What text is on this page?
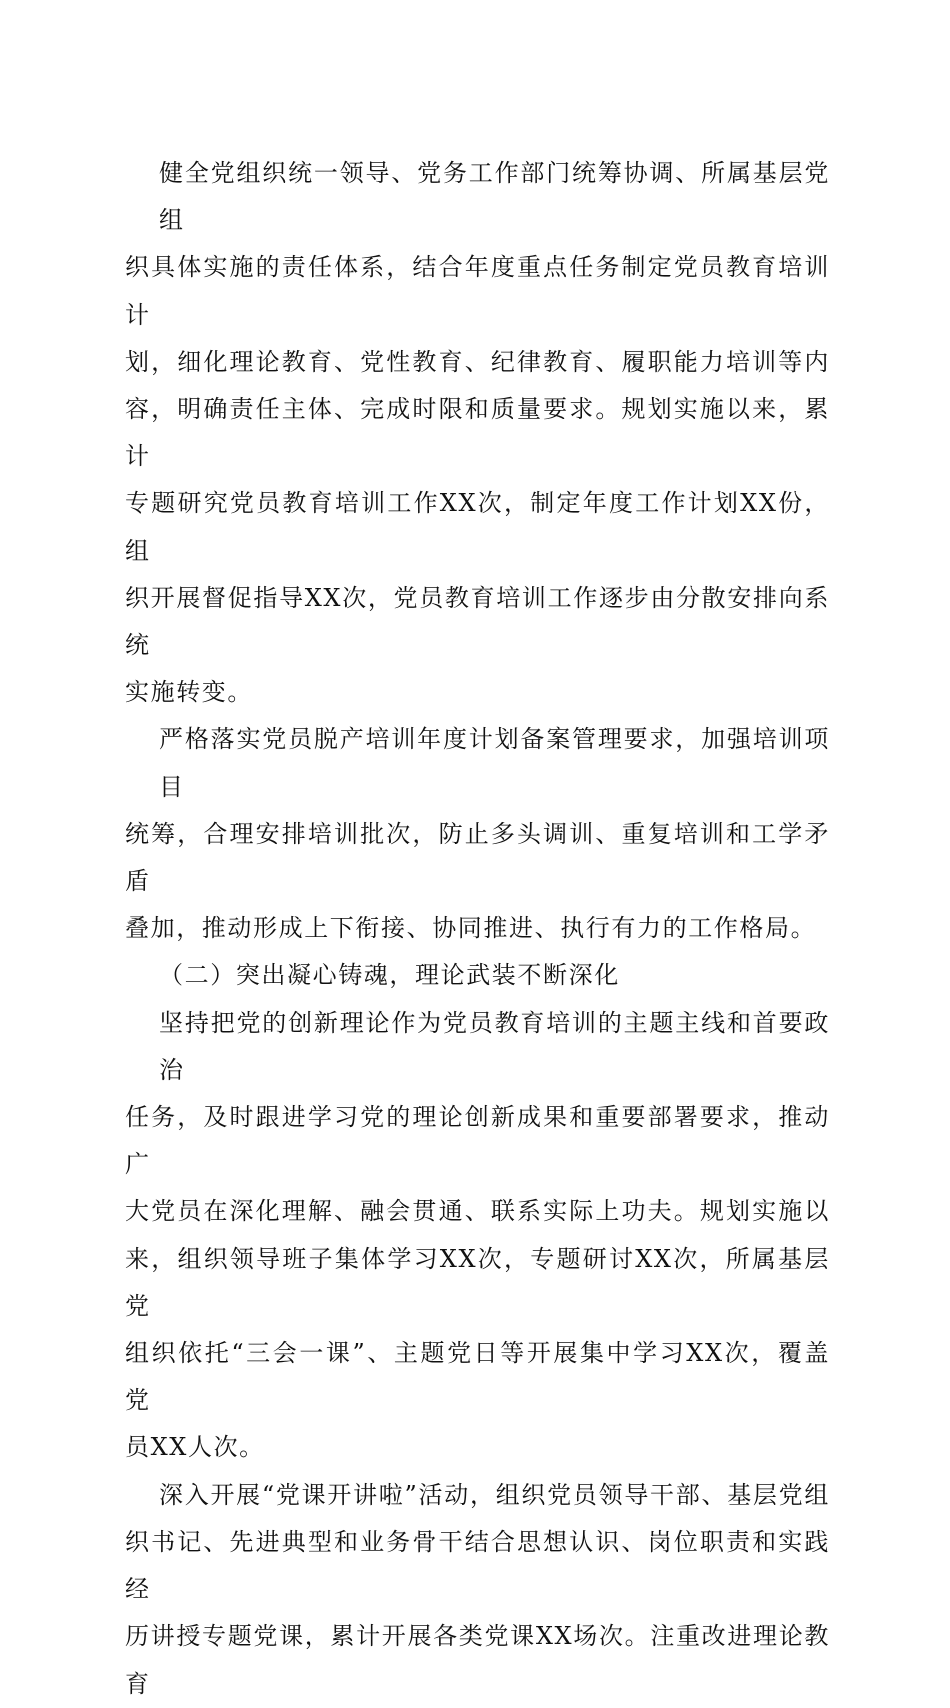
健全党组织统一领导、党务工作部门统筹协调、所属基层党组
织具体实施的责任体系，结合年度重点任务制定党员教育培训计
划，细化理论教育、党性教育、纪律教育、履职能力培训等内
容，明确责任主体、完成时限和质量要求。规划实施以来，累计
专题研究党员教育培训工作XX次，制定年度工作计划XX份，组
织开展督促指导XX次，党员教育培训工作逐步由分散安排向系统
实施转变。

严格落实党员脱产培训年度计划备案管理要求，加强培训项目
统筹，合理安排培训批次，防止多头调训、重复培训和工学矛盾
叠加，推动形成上下衔接、协同推进、执行有力的工作格局。

（二）突出凝心铸魂，理论武装不断深化

坚持把党的创新理论作为党员教育培训的主题主线和首要政治
任务，及时跟进学习党的理论创新成果和重要部署要求，推动广
大党员在深化理解、融会贯通、联系实际上功夫。规划实施以
来，组织领导班子集体学习XX次，专题研讨XX次，所属基层党
组织依托“三会一课”、主题党日等开展集中学习XX次，覆盖党
员XX人次。

深入开展“党课开讲啦”活动，组织党员领导干部、基层党组
织书记、先进典型和业务骨干结合思想认识、岗位职责和实践经
历讲授专题党课，累计开展各类党课XX场次。注重改进理论教育
